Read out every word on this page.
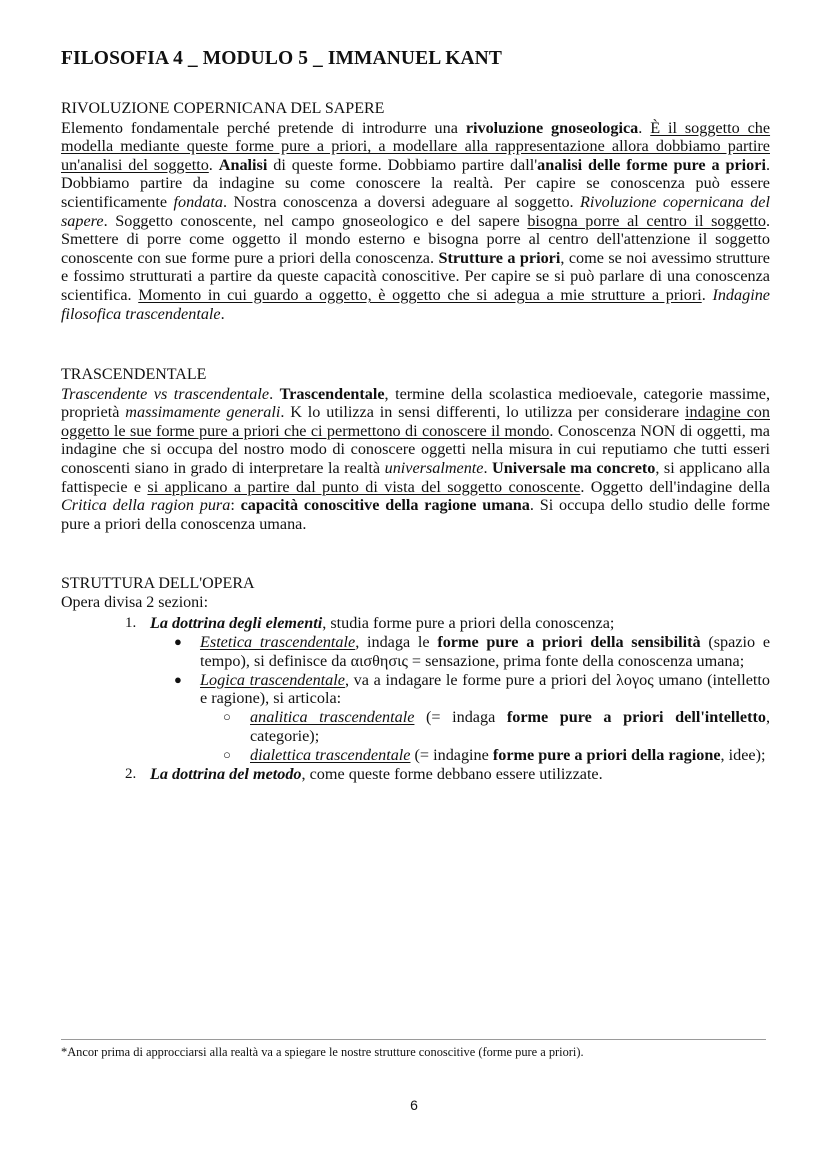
FILOSOFIA 4 _ MODULO 5 _ IMMANUEL KANT
RIVOLUZIONE COPERNICANA DEL SAPERE

Elemento fondamentale perché pretende di introdurre una rivoluzione gnoseologica. È il soggetto che modella mediante queste forme pure a priori, a modellare alla rappresentazione allora dobbiamo partire un'analisi del soggetto. Analisi di queste forme. Dobbiamo partire dall'analisi delle forme pure a priori. Dobbiamo partire da indagine su come conoscere la realtà. Per capire se conoscenza può essere scientificamente fondata. Nostra conoscenza a doversi adeguare al soggetto. Rivoluzione copernicana del sapere. Soggetto conoscente, nel campo gnoseologico e del sapere bisogna porre al centro il soggetto. Smettere di porre come oggetto il mondo esterno e bisogna porre al centro dell'attenzione il soggetto conoscente con sue forme pure a priori della conoscenza. Strutture a priori, come se noi avessimo strutture e fossimo strutturati a partire da queste capacità conoscitive. Per capire se si può parlare di una conoscenza scientifica. Momento in cui guardo a oggetto, è oggetto che si adegua a mie strutture a priori. Indagine filosofica trascendentale.

TRASCENDENTALE

Trascendente vs trascendentale. Trascendentale, termine della scolastica medioevale, categorie massime, proprietà massimamente generali. K lo utilizza in sensi differenti, lo utilizza per considerare indagine con oggetto le sue forme pure a priori che ci permettono di conoscere il mondo. Conoscenza NON di oggetti, ma indagine che si occupa del nostro modo di conoscere oggetti nella misura in cui reputiamo che tutti esseri conoscenti siano in grado di interpretare la realtà universalmente. Universale ma concreto, si applicano alla fattispecie e si applicano a partire dal punto di vista del soggetto conoscente. Oggetto dell'indagine della Critica della ragion pura: capacità conoscitive della ragione umana. Si occupa dello studio delle forme pure a priori della conoscenza umana.

STRUTTURA DELL'OPERA
Opera divisa 2 sezioni:
1. La dottrina degli elementi, studia forme pure a priori della conoscenza;
● Estetica trascendentale, indaga le forme pure a priori della sensibilità (spazio e tempo), si definisce da αισθησις = sensazione, prima fonte della conoscenza umana;
● Logica trascendentale, va a indagare le forme pure a priori del λογος umano (intelletto e ragione), si articola:
○ analitica trascendentale (= indaga forme pure a priori dell'intelletto, categorie);
○ dialettica trascendentale (= indagine forme pure a priori della ragione, idee);
2. La dottrina del metodo, come queste forme debbano essere utilizzate.

*Ancor prima di approcciarsi alla realtà va a spiegare le nostre strutture conoscitive (forme pure a priori).

6
